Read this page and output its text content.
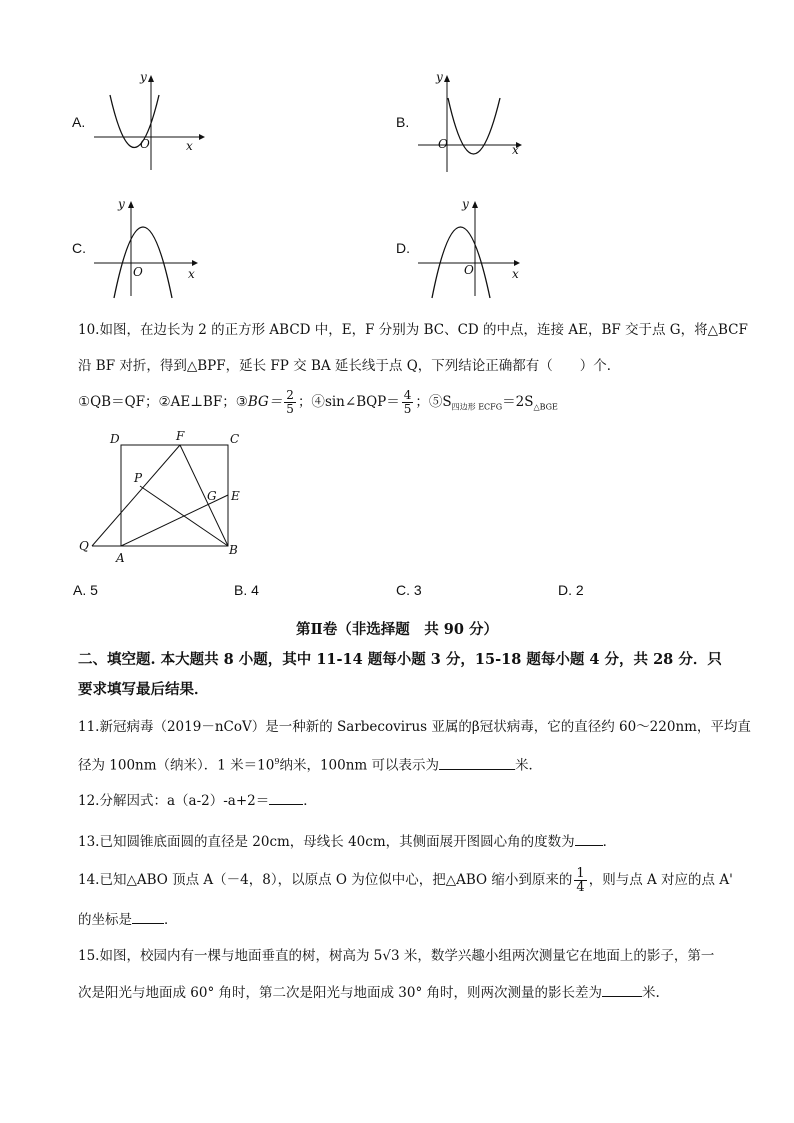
A.
O	x
y
B.
O	x
y
C.
O	x
y
D.
O	x
y
10.如图，在边长为 2 的正方形 ABCD 中，E，F 分别为 BC、CD 的中点，连接 AE，BF 交于点 G，将△BCF
沿 BF 对折，得到△BPF，延长 FP 交 BA 延长线于点 Q，下列结论正确都有（　　）个．
①QB＝QF；②AE⊥BF；③BG＝ $\frac{2}{5}$ ；④sin∠BQP＝ $\frac{4}{5}$ ；$⑤S_{四边形 ECFG}=2S_{\triangle BGE}$
D	F	C
P
G E
Q
A
B
A. 5	B. 4	C. 3	D. 2
第Ⅱ卷（非选择题　共 90 分）
二、填空题. 本大题共 8 小题，其中 11-14 题每小题 3 分，15-18 题每小题 4 分，共 28 分．只
要求填写最后结果．
11.新冠病毒（2019－nCoV）是一种新的 Sarbecovirus 亚属的β冠状病毒，它的直径约 60～220nm，平均直
径为 100nm（纳米）．1 米$=10^9$纳米，100nm 可以表示为	米．
12.分解因式：a（a-2）-a+2＝	．
13.已知圆锥底面圆的直径是 20cm，母线长 40cm，其侧面展开图圆心角的度数为 ．
14.已知△ABO 顶点 A（－4，8），以原点 O 为位似中心，把△ABO 缩小到原来的 $\frac{1}{4}$ ，则与点 A 对应的点 A'
的坐标是 ．
15.如图，校园内有一棵与地面垂直的树，树高为 5√3 米，数学兴趣小组两次测量它在地面上的影子，第一
次是阳光与地面成 60° 角时，第二次是阳光与地面成 30° 角时，则两次测量的影长差为	米.
